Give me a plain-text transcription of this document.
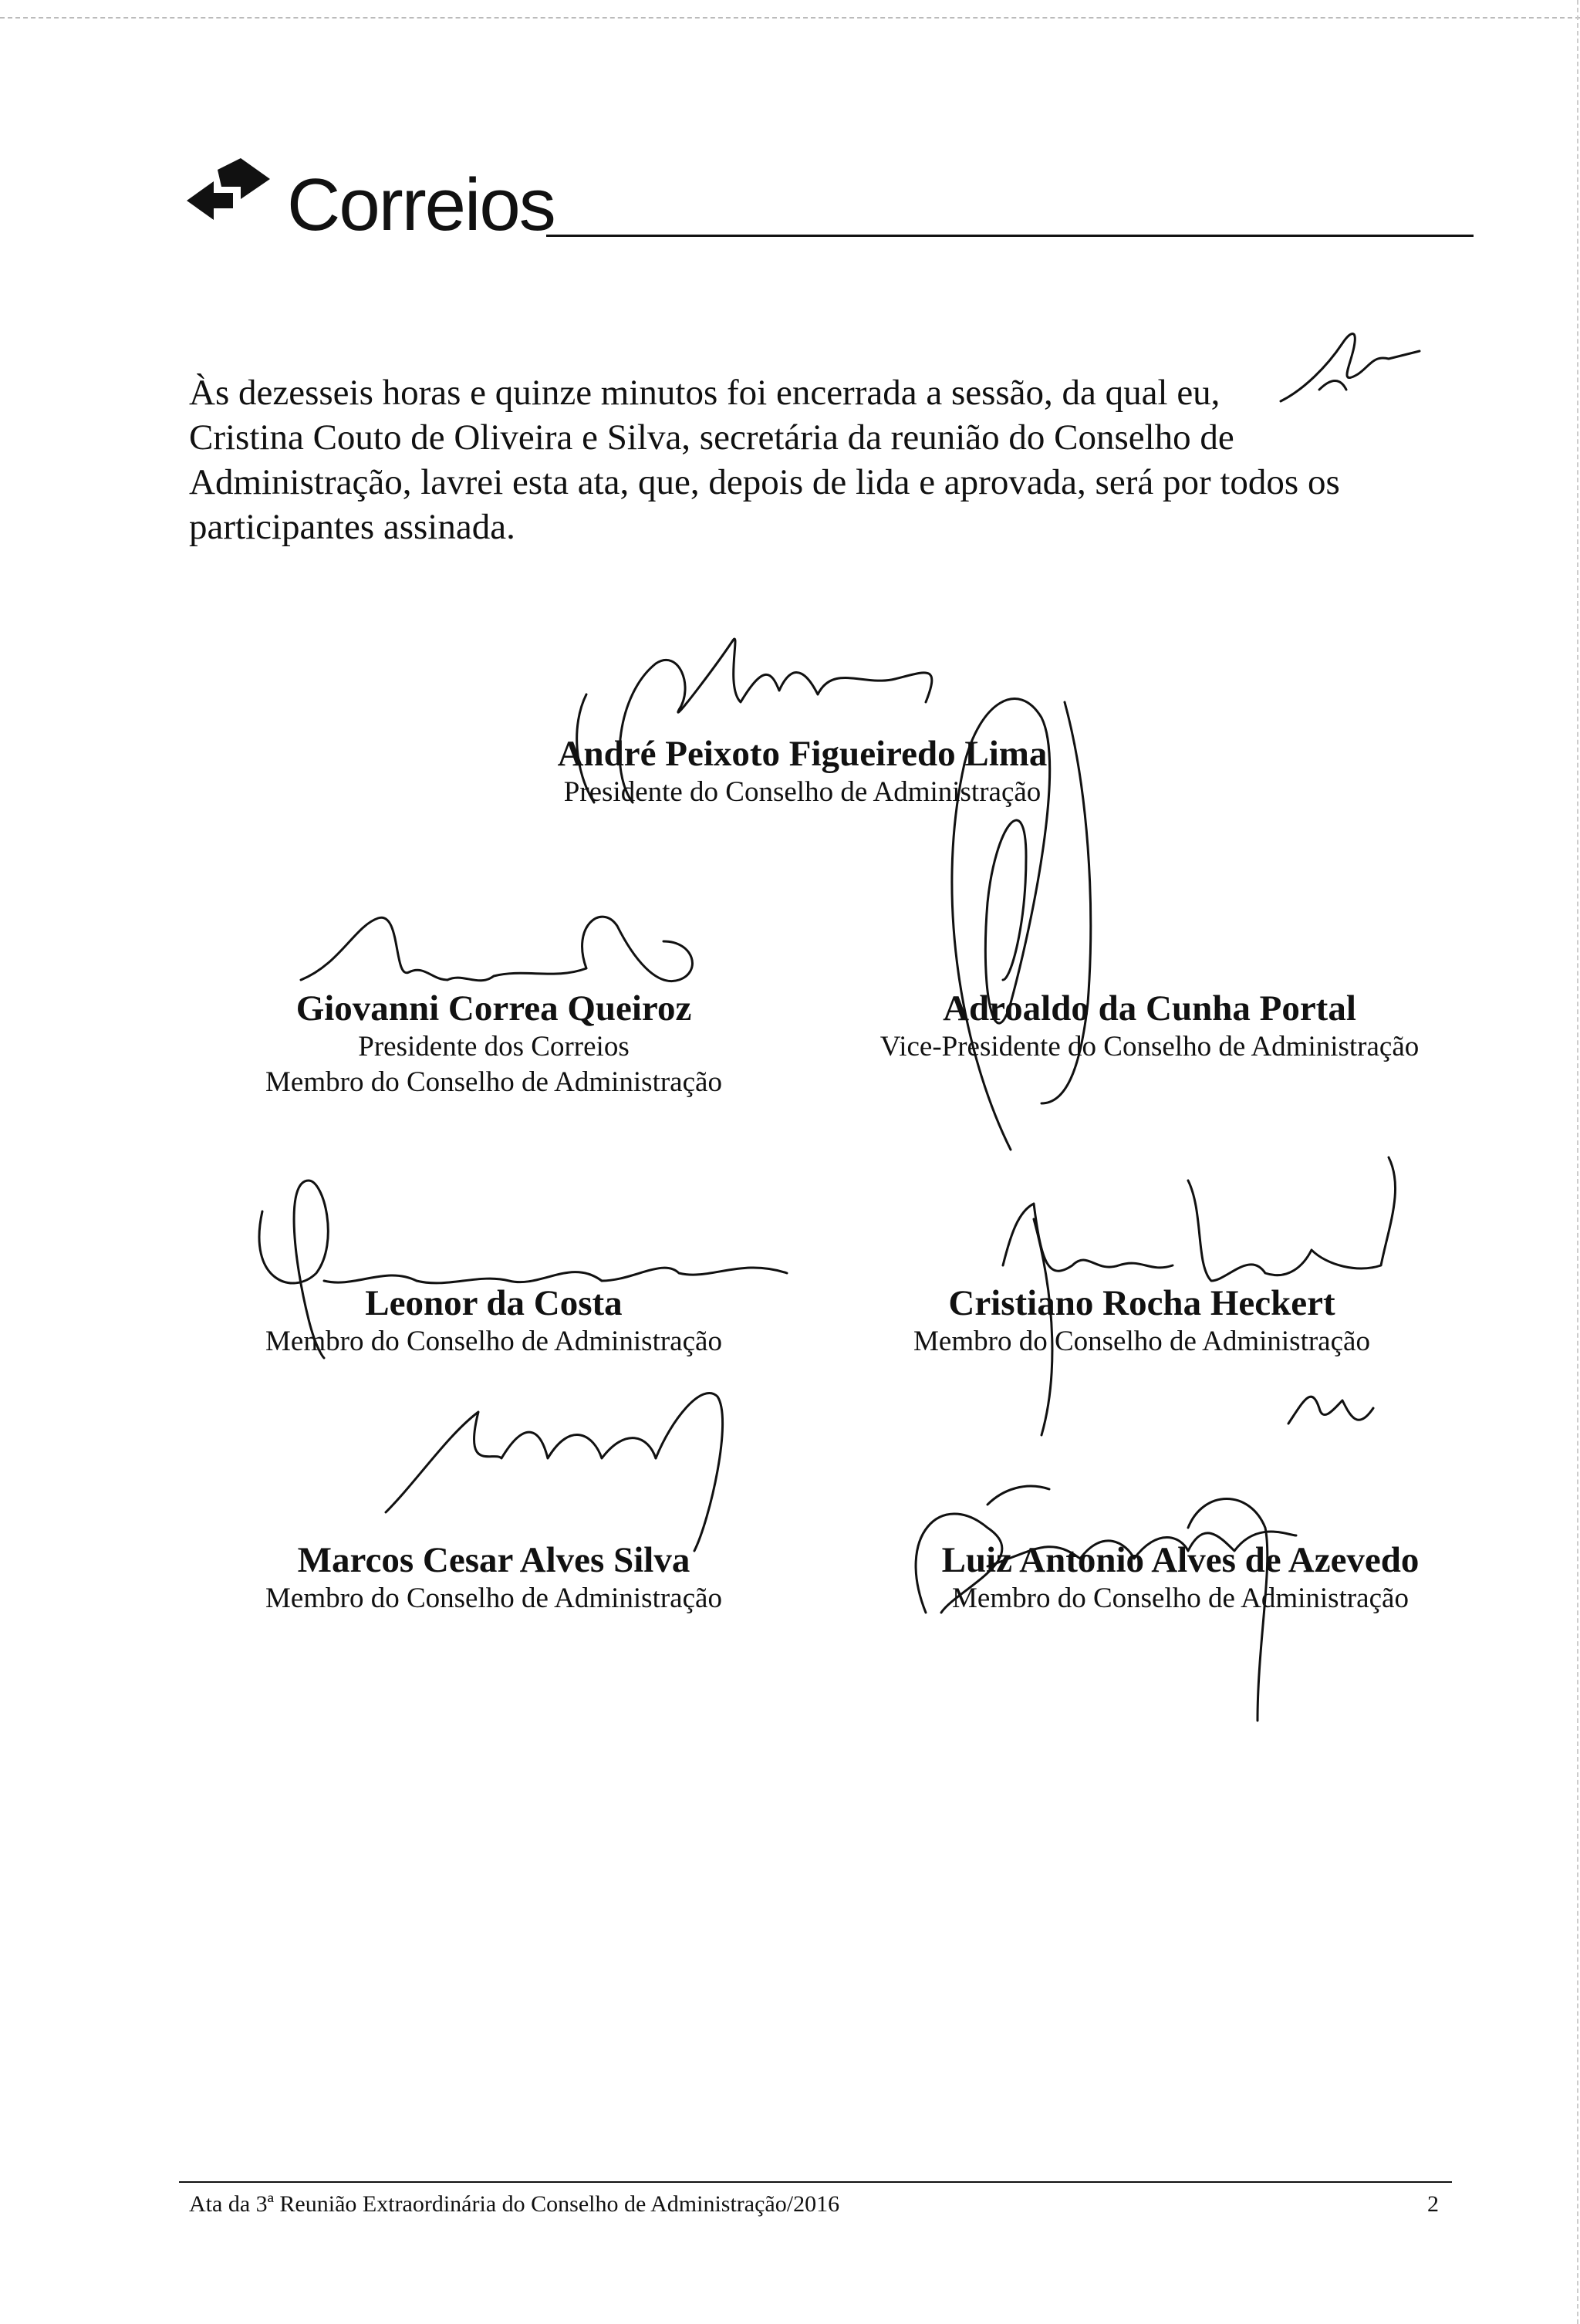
Correios

Às dezesseis horas e quinze minutos foi encerrada a sessão, da qual eu,

Cristina Couto de Oliveira e Silva, secretária da reunião do Conselho de

Administração, lavrei esta ata, que, depois de lida e aprovada, será por todos os

participantes assinada.

André Peixoto Figueiredo Lima
Presidente do Conselho de Administração
Giovanni Correa Queiroz
Presidente dos Correios
Membro do Conselho de Administração
Adroaldo da Cunha Portal
Vice-Presidente do Conselho de Administração
Leonor da Costa
Membro do Conselho de Administração
Cristiano Rocha Heckert
Membro do Conselho de Administração
Marcos Cesar Alves Silva
Membro do Conselho de Administração
Luiz Antonio Alves de Azevedo
Membro do Conselho de Administração
Ata da 3ª Reunião Extraordinária do Conselho de Administração/2016	2
